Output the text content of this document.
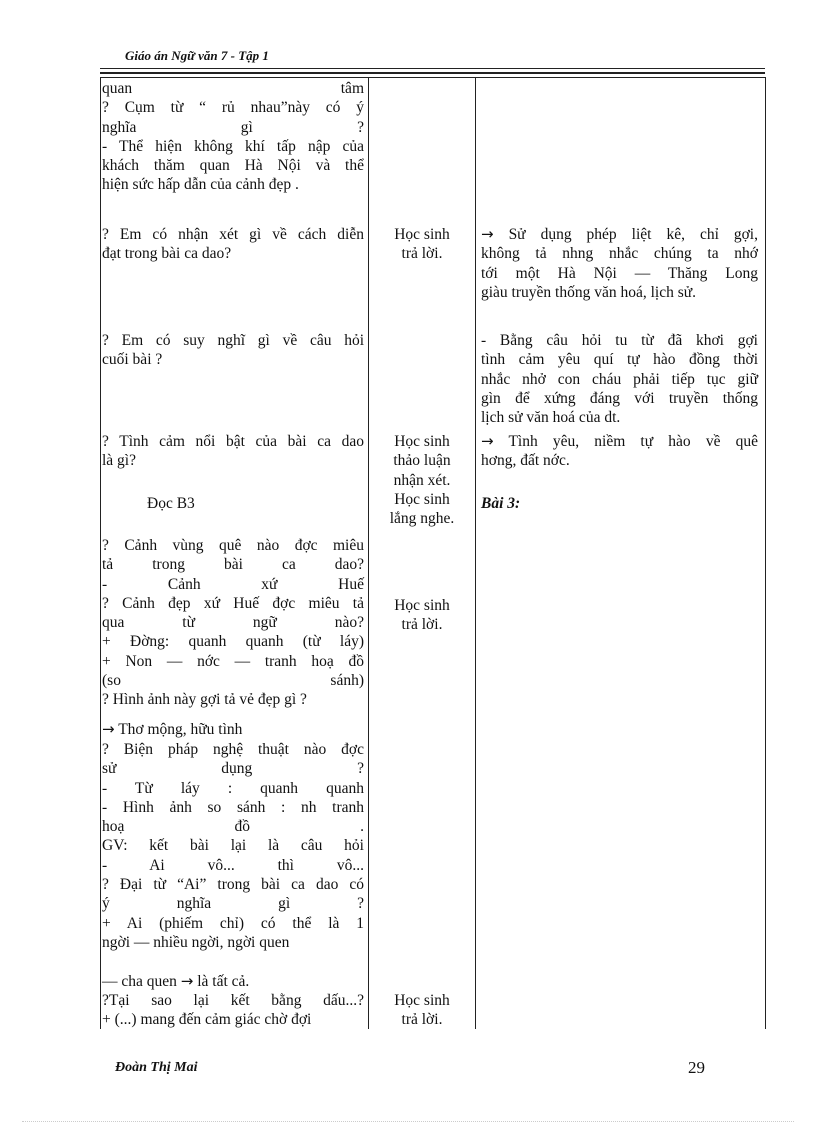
Giáo án Ngữ văn 7 - Tập 1
quan tâm
? Cụm từ “ rủ nhau”này có ý
nghĩa gì ?
- Thể hiện không khí tấp nập của
khách thăm quan Hà Nội và thể
hiện sức hấp dẫn của cảnh đẹp .
? Em có nhận xét gì về cách diễn
đạt trong bài ca dao?
? Em có suy nghĩ gì về câu hỏi
cuối bài ?
? Tình cảm nổi bật của bài ca dao
là gì?
Đọc B3
? Cảnh vùng quê nào đợc miêu
tả trong bài ca dao?
- Cảnh xứ Huế
? Cảnh đẹp xứ Huế đợc miêu tả
qua từ ngữ nào?
+ Đờng: quanh quanh (từ láy)
+ Non — nớc — tranh hoạ đồ
(so sánh)
? Hình ảnh này gợi tả vẻ đẹp gì ?
→ Thơ mộng, hữu tình
? Biện pháp nghệ thuật nào đợc
sử dụng ?
- Từ láy : quanh quanh
- Hình ảnh so sánh : nh tranh
hoạ đồ .
GV: kết bài lại là câu hỏi
- Ai vô... thì vô...
? Đại từ “Ai” trong bài ca dao có
ý nghĩa gì ?
+ Ai (phiếm chỉ) có thể là 1
ngời — nhiều ngời, ngời quen
— cha quen → là tất cả.
?Tại sao lại kết bằng dấu...?
+ (...) mang đến cảm giác chờ đợi
Học sinh
trả lời.
Học sinh
thảo luận
nhận xét.
Học sinh
lắng nghe.
Học sinh
trả lời.
Học sinh
trả lời.
→ Sử dụng phép liệt kê, chỉ gợi,
không tả nhng nhắc chúng ta nhớ
tới một Hà Nội — Thăng Long
giàu truyền thống văn hoá, lịch sử.
- Bằng câu hỏi tu từ đã khơi gợi
tình cảm yêu quí tự hào đồng thời
nhắc nhở con cháu phải tiếp tục giữ
gìn để xứng đáng với truyền thống
lịch sử văn hoá của dt.
→ Tình yêu, niềm tự hào về quê
hơng, đất nớc.
Bài 3:
Đoàn Thị Mai	29
